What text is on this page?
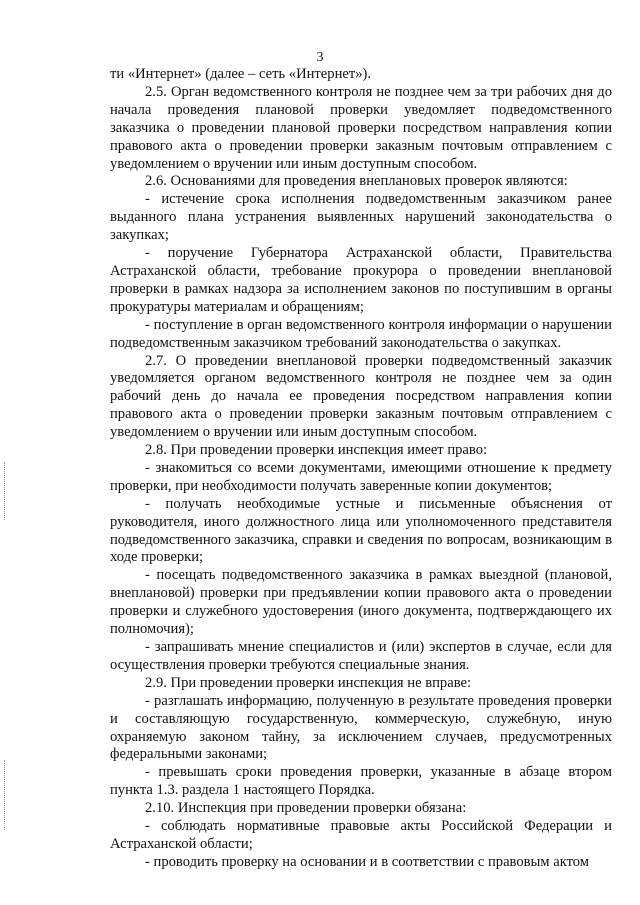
3

ти «Интернет» (далее – сеть «Интернет»).

2.5. Орган ведомственного контроля не позднее чем за три рабочих дня до начала проведения плановой проверки уведомляет подведомственного заказчика о проведении плановой проверки посредством направления копии правового акта о проведении проверки заказным почтовым отправлением с уведомлением о вручении или иным доступным способом.

2.6. Основаниями для проведения внеплановых проверок являются:

- истечение срока исполнения подведомственным заказчиком ранее выданного плана устранения выявленных нарушений законодательства о закупках;

- поручение Губернатора Астраханской области, Правительства Астраханской области, требование прокурора о проведении внеплановой проверки в рамках надзора за исполнением законов по поступившим в органы прокуратуры материалам и обращениям;

- поступление в орган ведомственного контроля информации о нарушении подведомственным заказчиком требований законодательства о закупках.

2.7. О проведении внеплановой проверки подведомственный заказчик уведомляется органом ведомственного контроля не позднее чем за один рабочий день до начала ее проведения посредством направления копии правового акта о проведении проверки заказным почтовым отправлением с уведомлением о вручении или иным доступным способом.

2.8. При проведении проверки инспекция имеет право:

- знакомиться со всеми документами, имеющими отношение к предмету проверки, при необходимости получать заверенные копии документов;

- получать необходимые устные и письменные объяснения от руководителя, иного должностного лица или уполномоченного представителя подведомственного заказчика, справки и сведения по вопросам, возникающим в ходе проверки;

- посещать подведомственного заказчика в рамках выездной (плановой, внеплановой) проверки при предъявлении копии правового акта о проведении проверки и служебного удостоверения (иного документа, подтверждающего их полномочия);

- запрашивать мнение специалистов и (или) экспертов в случае, если для осуществления проверки требуются специальные знания.

2.9. При проведении проверки инспекция не вправе:

- разглашать информацию, полученную в результате проведения проверки и составляющую государственную, коммерческую, служебную, иную охраняемую законом тайну, за исключением случаев, предусмотренных федеральными законами;

- превышать сроки проведения проверки, указанные в абзаце втором пункта 1.3. раздела 1 настоящего Порядка.

2.10. Инспекция при проведении проверки обязана:

- соблюдать нормативные правовые акты Российской Федерации и Астраханской области;

- проводить проверку на основании и в соответствии с правовым актом
